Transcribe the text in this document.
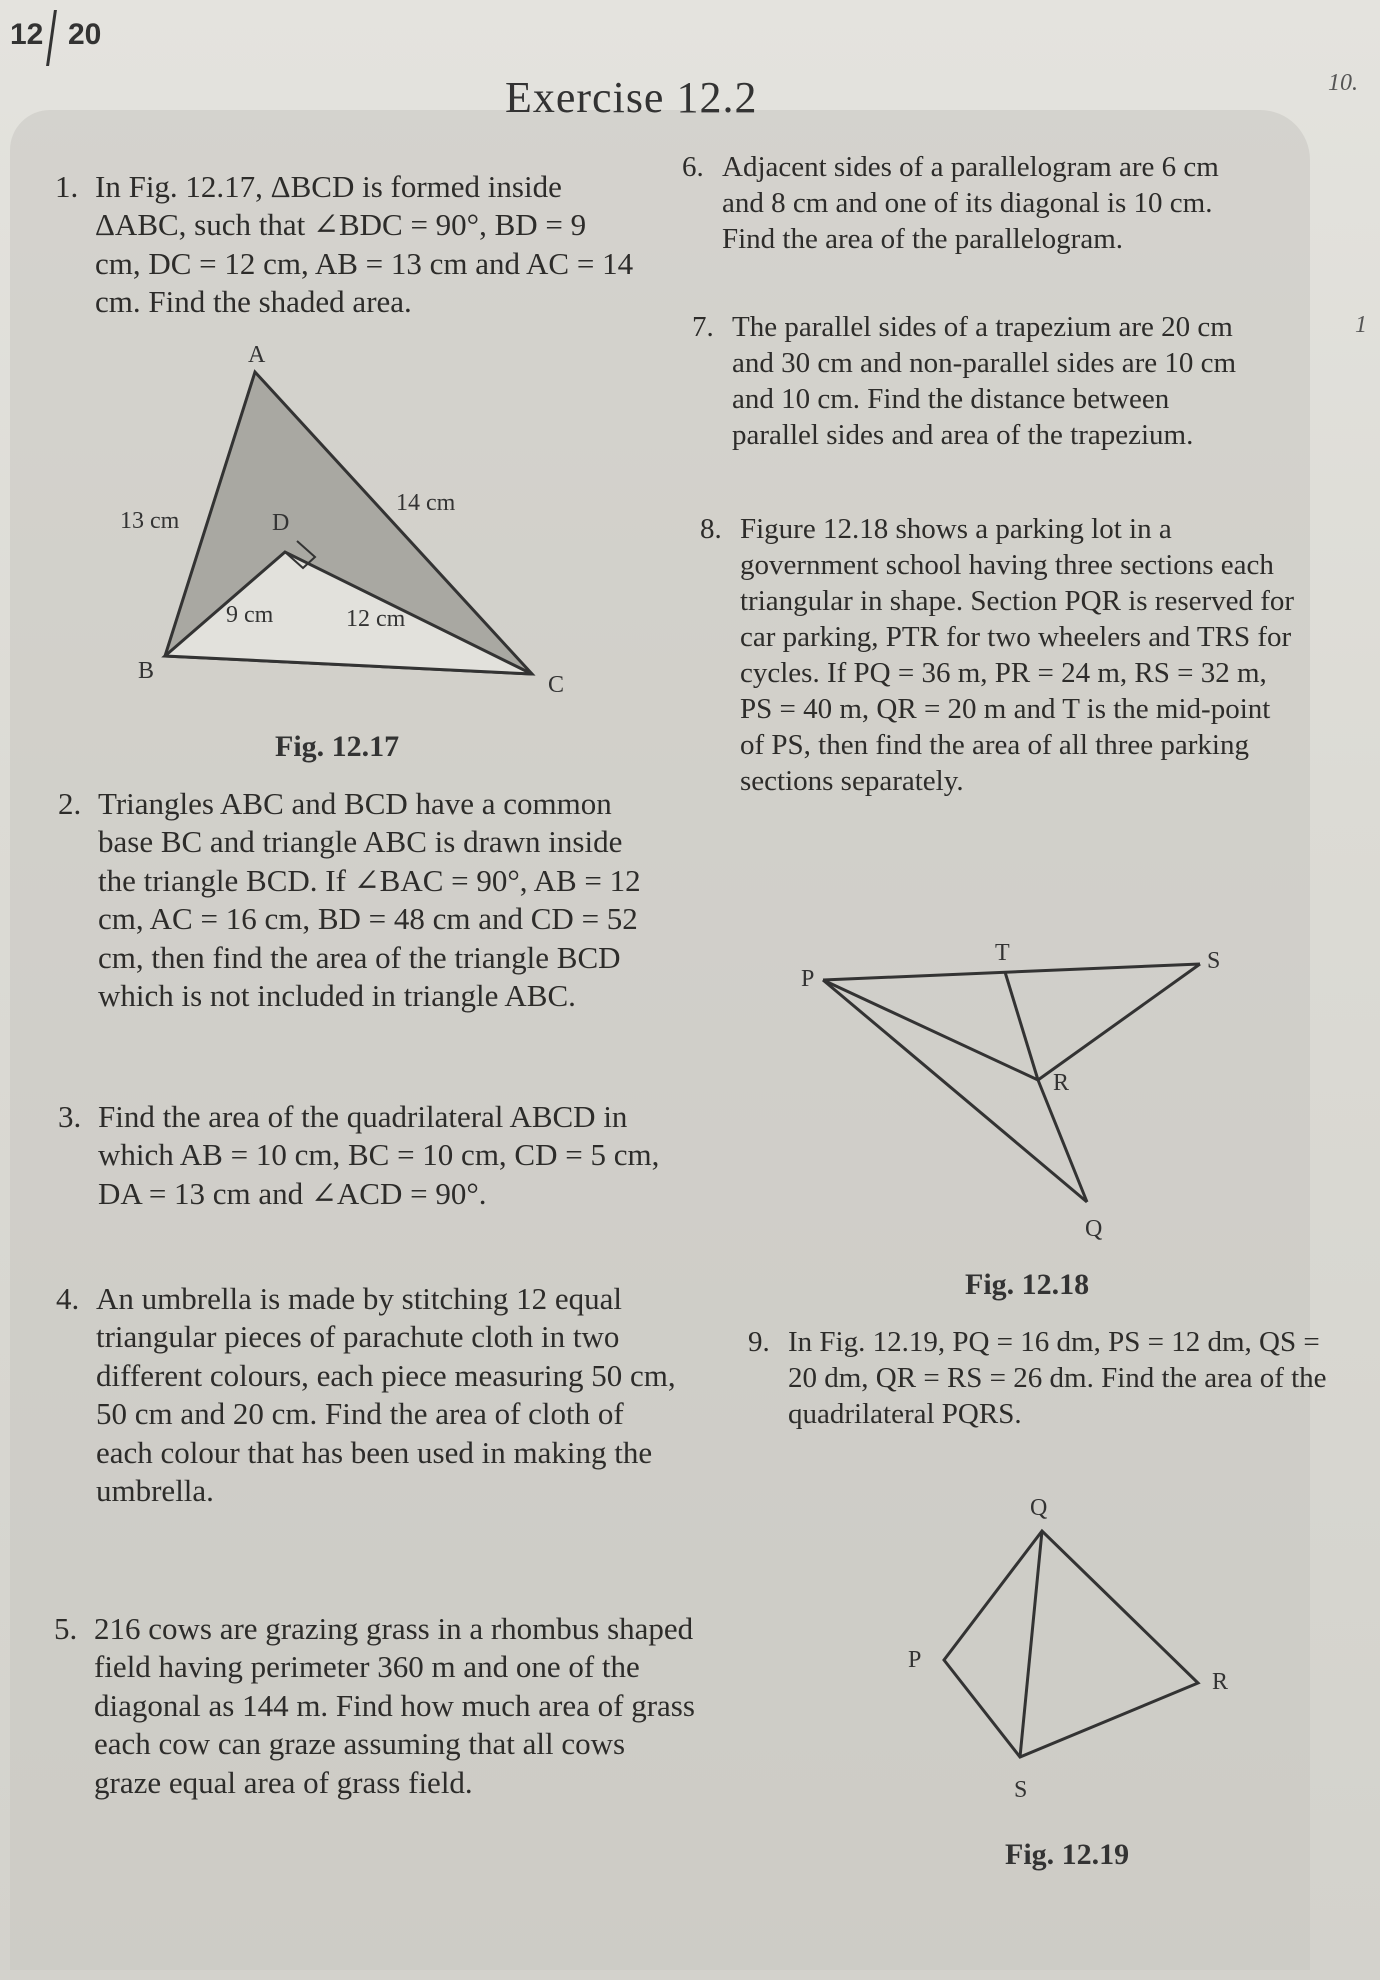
12 20
10.
1
Exercise 12.2
1. In Fig. 12.17, ΔBCD is formed inside ΔABC, such that ∠BDC = 90°, BD = 9 cm, DC = 12 cm, AB = 13 cm and AC = 14 cm. Find the shaded area.
A
B
C
D
13 cm
14 cm
9 cm	12 cm
Fig. 12.17
2. Triangles ABC and BCD have a common base BC and triangle ABC is drawn inside the triangle BCD. If ∠BAC = 90°, AB = 12 cm, AC = 16 cm, BD = 48 cm and CD = 52 cm, then find the area of the triangle BCD which is not included in triangle ABC.
3. Find the area of the quadrilateral ABCD in which AB = 10 cm, BC = 10 cm, CD = 5 cm, DA = 13 cm and ∠ACD = 90°.
4. An umbrella is made by stitching 12 equal triangular pieces of parachute cloth in two different colours, each piece measuring 50 cm, 50 cm and 20 cm. Find the area of cloth of each colour that has been used in making the umbrella.
5. 216 cows are grazing grass in a rhombus shaped field having perimeter 360 m and one of the diagonal as 144 m. Find how much area of grass each cow can graze assuming that all cows graze equal area of grass field.
6. Adjacent sides of a parallelogram are 6 cm and 8 cm and one of its diagonal is 10 cm. Find the area of the parallelogram.
7. The parallel sides of a trapezium are 20 cm and 30 cm and non-parallel sides are 10 cm and 10 cm. Find the distance between parallel sides and area of the trapezium.
8. Figure 12.18 shows a parking lot in a government school having three sections each triangular in shape. Section PQR is reserved for car parking, PTR for two wheelers and TRS for cycles. If PQ = 36 m, PR = 24 m, RS = 32 m, PS = 40 m, QR = 20 m and T is the mid-point of PS, then find the area of all three parking sections separately.
P
T	S
R
Q
Fig. 12.18
9. In Fig. 12.19, PQ = 16 dm, PS = 12 dm, QS = 20 dm, QR = RS = 26 dm. Find the area of the quadrilateral PQRS.
Q
P
R
S
Fig. 12.19
